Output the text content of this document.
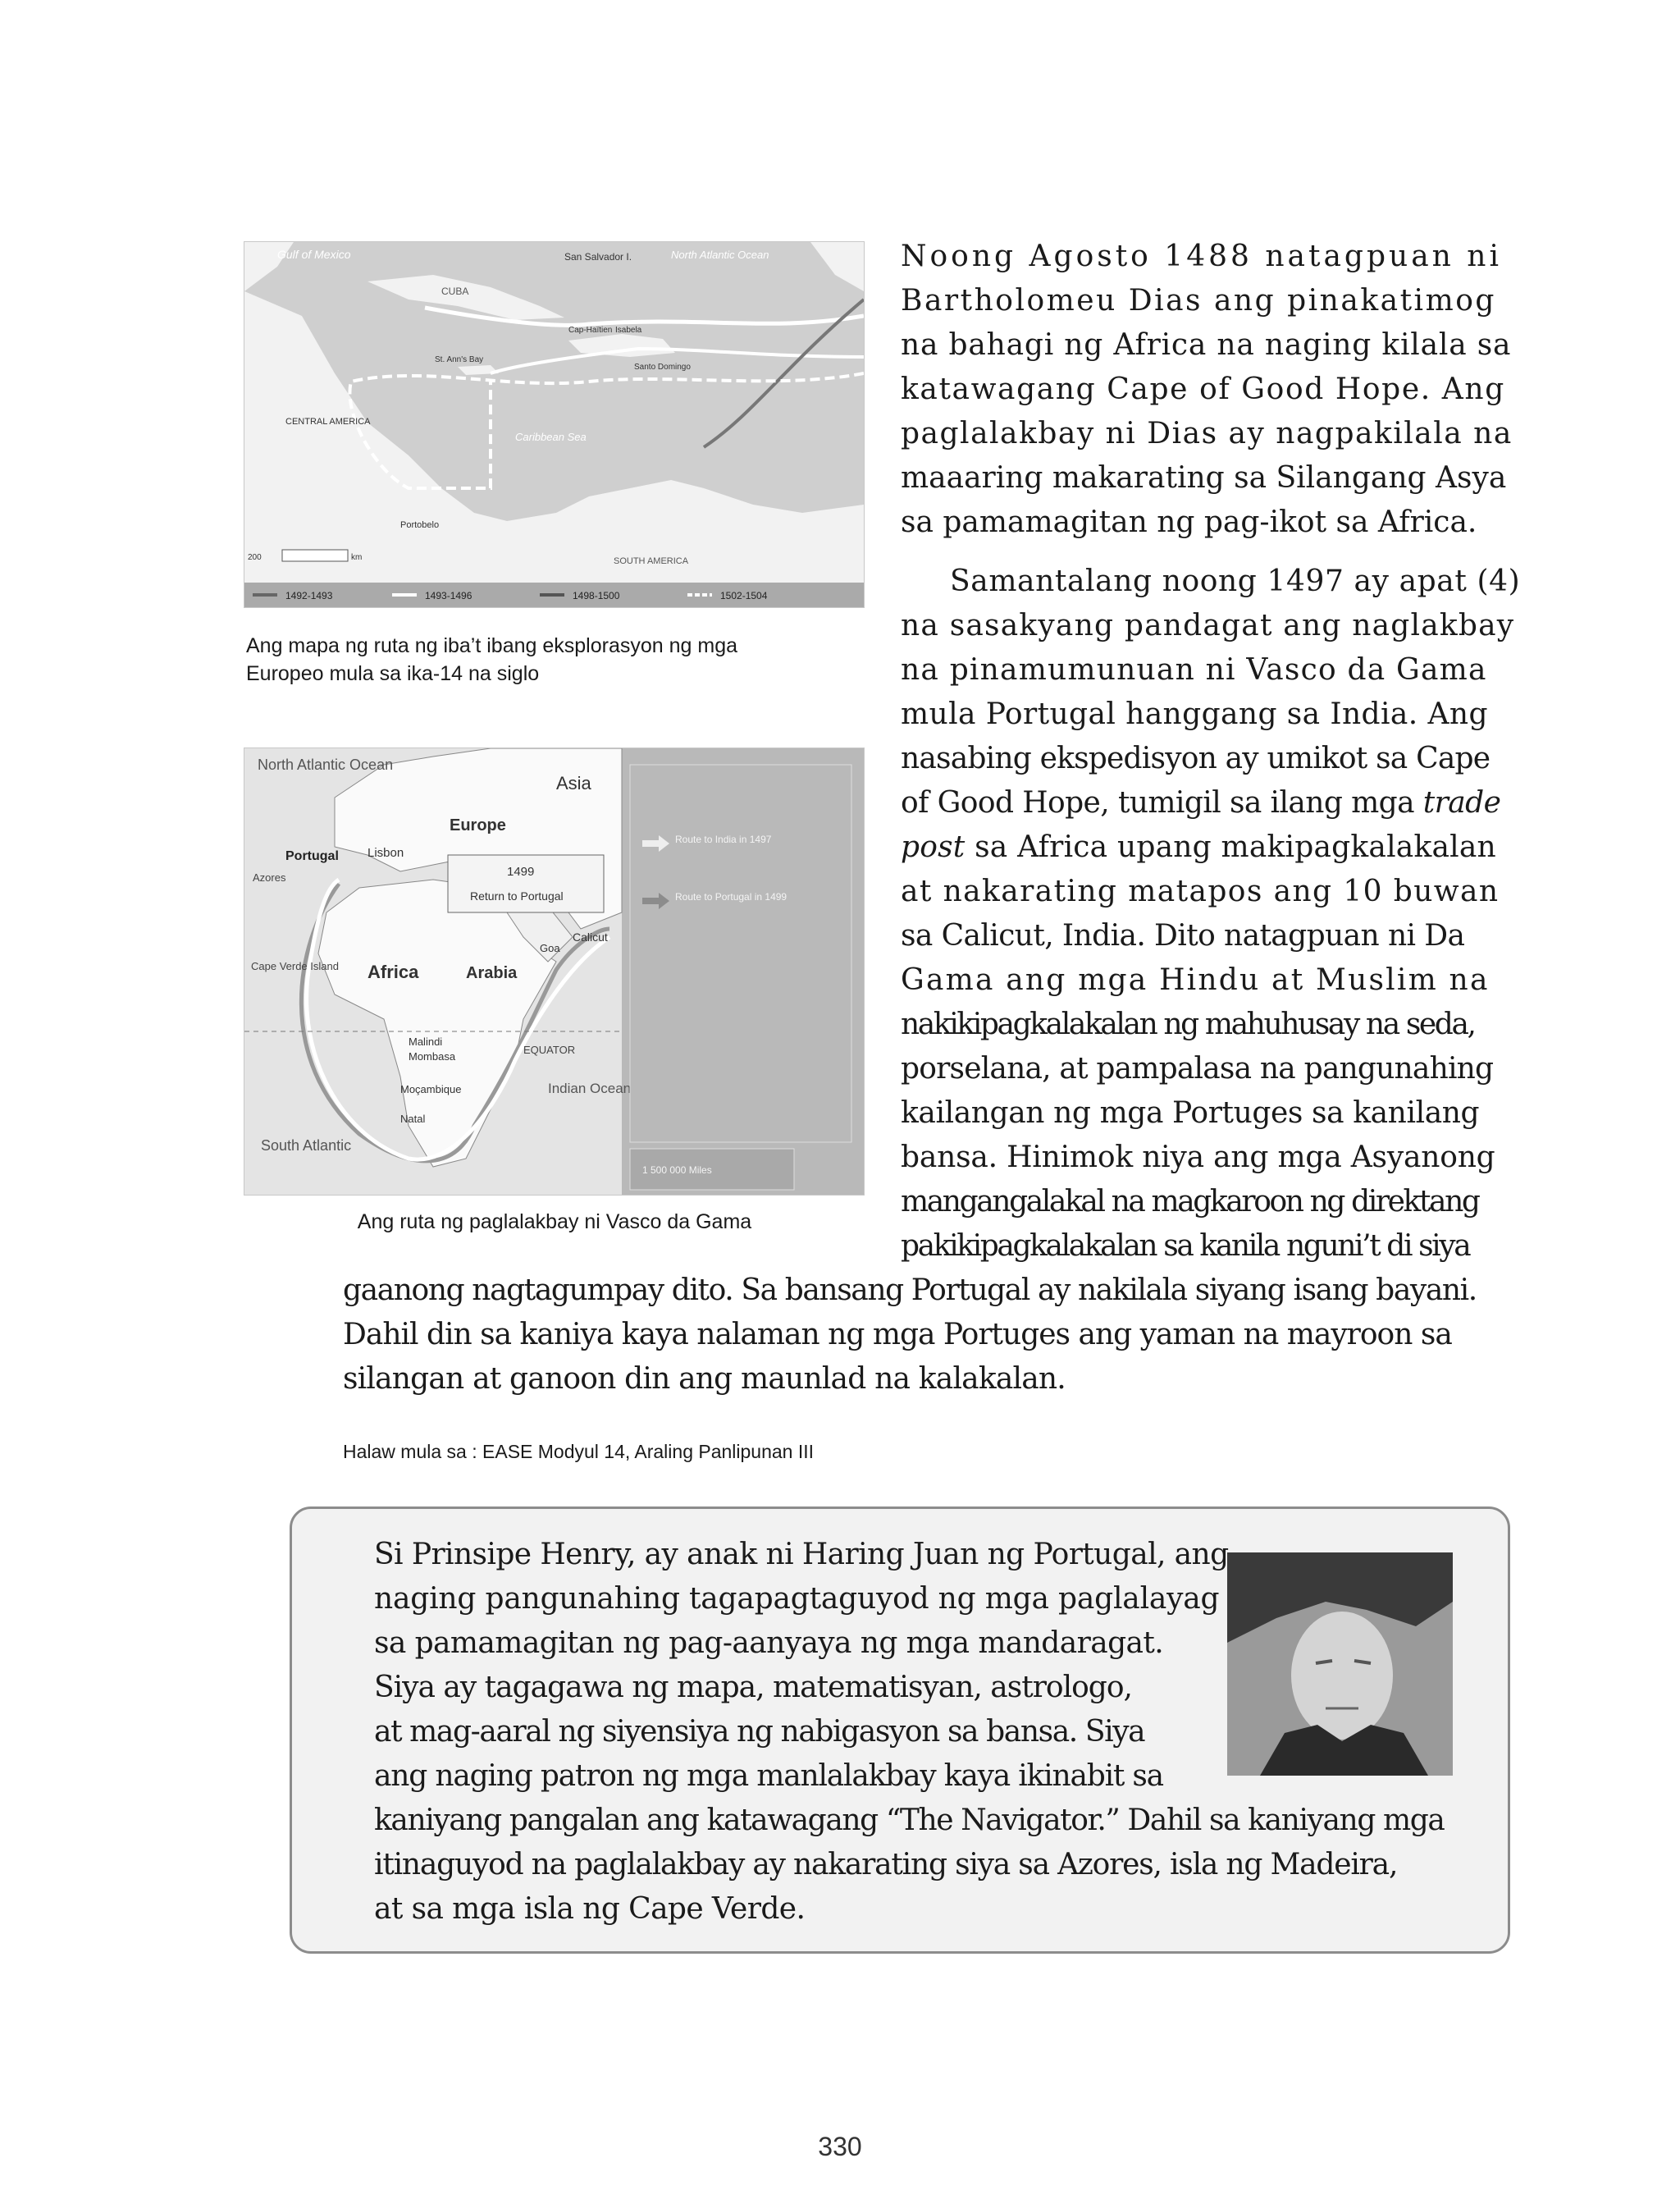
Gulf of Mexico	San Salvador I.	North Atlantic Ocean
CUBA
Cap-Haïtien Isabela
St. Ann's Bay
Santo Domingo
CENTRAL AMERICA
Caribbean Sea
Portobelo
SOUTH AMERICA
200	km
1492-1493	1493-1496	1498-1500	1502-1504
Ang mapa ng ruta ng iba’t ibang eksplorasyon ng mga
Europeo mula sa ika-14 na siglo
North Atlantic Ocean
Asia
Europe
Portugal Lisbon
Azores	1499
Return to Portugal
Calicut
Goa
Africa	Arabia
Cape Verde Island
Malindi
Mombasa
EQUATOR
Moçambique	Indian Ocean
Natal
South Atlantic
Route to India in 1497
Route to Portugal in 1499
1 500 000 Miles
Ang ruta ng paglalakbay ni Vasco da Gama
Noong Agosto 1488 natagpuan ni
Bartholomeu Dias ang pinakatimog
na bahagi ng Africa na naging kilala sa
katawagang Cape of Good Hope. Ang
paglalakbay ni Dias ay nagpakilala na
maaaring makarating sa Silangang Asya
sa pamamagitan ng pag-ikot sa Africa.
Samantalang noong 1497 ay apat (4)
na sasakyang pandagat ang naglakbay
na pinamumunuan ni Vasco da Gama
mula Portugal hanggang sa India. Ang
nasabing ekspedisyon ay umikot sa Cape
of Good Hope, tumigil sa ilang mga trade
post sa Africa upang makipagkalakalan
at nakarating matapos ang 10 buwan
sa Calicut, India. Dito natagpuan ni Da
Gama ang mga Hindu at Muslim na
nakikipagkalakalan ng mahuhusay na seda,
porselana, at pampalasa na pangunahing
kailangan ng mga Portuges sa kanilang
bansa. Hinimok niya ang mga Asyanong
mangangalakal na magkaroon ng direktang
pakikipagkalakalan sa kanila nguni’t di siya
gaanong nagtagumpay dito. Sa bansang Portugal ay nakilala siyang isang bayani.
Dahil din sa kaniya kaya nalaman ng mga Portuges ang yaman na mayroon sa
silangan at ganoon din ang maunlad na kalakalan.
Halaw mula sa : EASE Modyul 14, Araling Panlipunan III
Si Prinsipe Henry, ay anak ni Haring Juan ng Portugal, ang
naging pangunahing tagapagtaguyod ng mga paglalayag
sa pamamagitan ng pag-aanyaya ng mga mandaragat.
Siya ay tagagawa ng mapa, matematisyan, astrologo,
at mag-aaral ng siyensiya ng nabigasyon sa bansa. Siya
ang naging patron ng mga manlalakbay kaya ikinabit sa
kaniyang pangalan ang katawagang “The Navigator.” Dahil sa kaniyang mga
itinaguyod na paglalakbay ay nakarating siya sa Azores, isla ng Madeira,
at sa mga isla ng Cape Verde.
330
